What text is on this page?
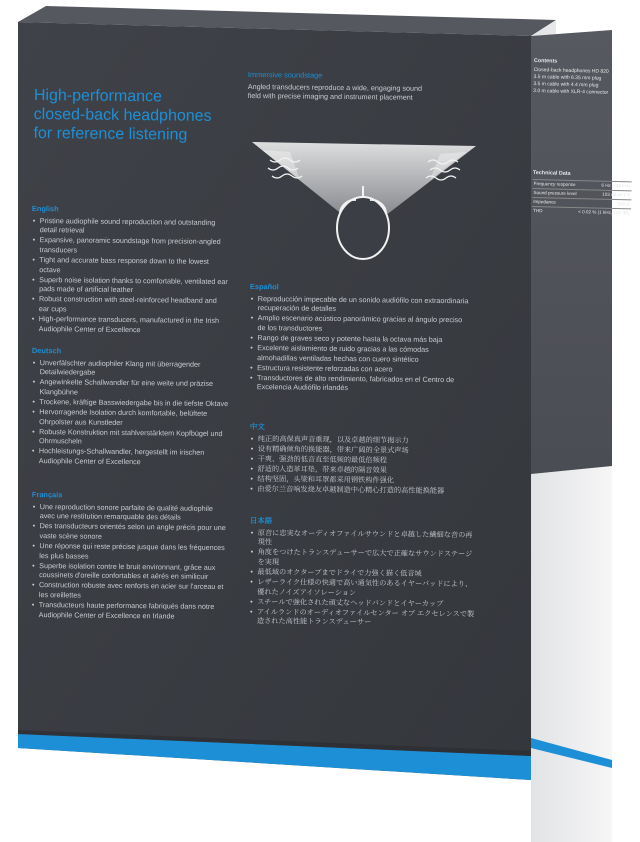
High-performance
closed-back headphones
for reference listening
Immersive soundstage
Angled transducers reproduce a wide, engaging sound
field with precise imaging and instrument placement
English
• Pristine audiophile sound reproduction and outstanding detail retrieval
• Expansive, panoramic soundstage from precision-angled transducers
• Tight and accurate bass response down to the lowest octave
• Superb noise isolation thanks to comfortable, ventilated ear pads made of artificial leather
• Robust construction with steel-reinforced headband and ear cups
• High-performance transducers, manufactured in the Irish Audiophile Center of Excellence
Deutsch
• Unverfälschter audiophiler Klang mit überragender Detailwiedergabe
• Angewinkelte Schallwandler für eine weite und präzise Klangbühne
• Trockene, kräftige Basswiedergabe bis in die tiefste Oktave
• Hervorragende Isolation durch komfortable, belüftete Ohrpolster aus Kunstleder
• Robuste Konstruktion mit stahlverstärktem Kopfbügel und Ohrmuscheln
• Hochleistungs-Schallwandler, hergestellt im irischen Audiophile Center of Excellence
Français
• Une reproduction sonore parfaite de qualité audiophile avec une restitution remarquable des détails
• Des transducteurs orientés selon un angle précis pour une vaste scène sonore
• Une réponse qui reste précise jusque dans les fréquences les plus basses
• Superbe isolation contre le bruit environnant, grâce aux coussinets d'oreille confortables et aérés en similicuir
• Construction robuste avec renforts en acier sur l'arceau et les oreillettes
• Transducteurs haute performance fabriqués dans notre Audiophile Center of Excellence en Irlande
Español
• Reproducción impecable de un sonido audiófilo con extraordinaria recuperación de detalles
• Amplio escenario acústico panorámico gracias al ángulo preciso de los transductores
• Rango de graves seco y potente hasta la octava más baja
• Excelente aislamiento de ruido gracias a las cómodas almohadillas ventiladas hechas con cuero sintético
• Estructura resistente reforzadas con acero
• Transductores de alto rendimiento, fabricados en el Centro de Excelencia Audiófilo irlandés
中文
• 纯正的高保真声音重现，以及卓越的细节揭示力
• 设有精确倾角的换能器，带来广阔的全景式声场
• 干爽、强劲的低音直至低频的最低倍频程
• 舒适的人造革耳垫，带来卓越的隔音效果
• 结构坚固，头梁和耳罩都采用钢铁构件强化
• 由爱尔兰音响发烧友卓越制造中心精心打造的高性能换能器
日本語
• 原音に忠実なオーディオファイルサウンドと卓越した繊細な音の再現性
• 角度をつけたトランスデューサーで広大で正確なサウンドステージを実現
• 最低域のオクターブまでドライで力強く描く低音域
• レザーライク仕様の快適で高い通気性のあるイヤーパッドにより、優れたノイズアイソレーション
• スチールで強化された頑丈なヘッドバンドとイヤーカップ
• アイルランドのオーディオファイルセンター オブ エクセレンスで製造された高性能トランスデューサー
Contents
Closed-back headphones HD 820
3.5 m cable with 6.35 mm plug
3.5 m cable with 4.4 mm plug
3.0 m cable with XLR-4 connector
Technical Data
Frequency response	6 Hz – 48 kHz
Sound pressure level	103 dB at 1 V
Impedance	300 Ω
THD	< 0.02 % (1 kHz, 100 dB)
